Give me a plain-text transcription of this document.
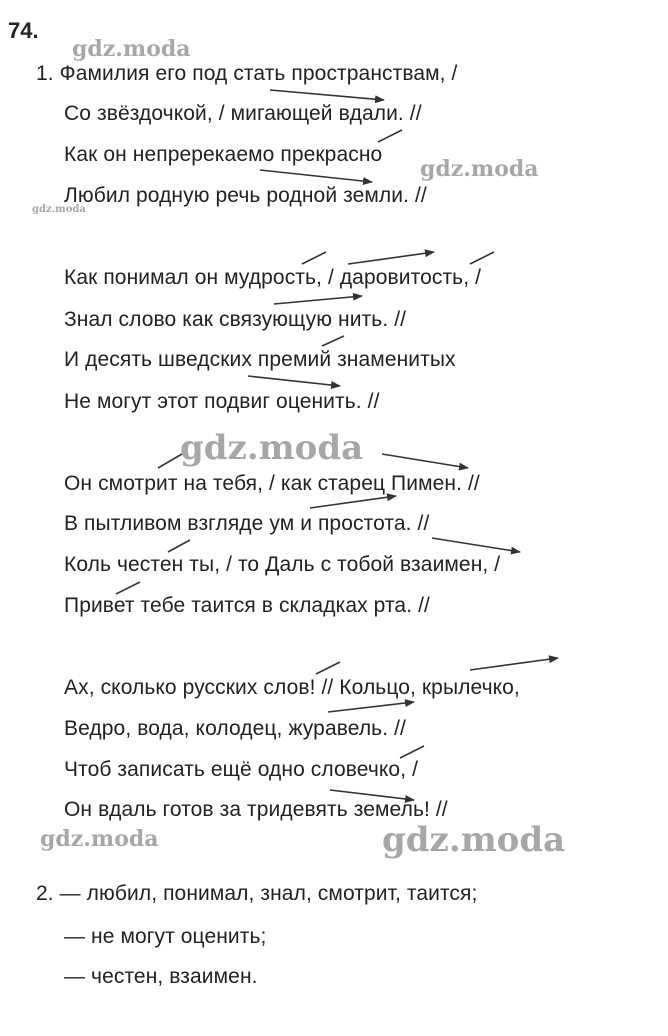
74.
gdz.moda
gdz.moda
gdz.moda
gdz.moda
gdz.moda	gdz.moda
1. Фамилия его под стать пространствам, /
Со звёздочкой, / мигающей вдали. //
Как он непререкаемо прекрасно
Любил родную речь родной земли. //
Как понимал он мудрость, / даровитость, /
Знал слово как связующую нить. //
И десять шведских премий знаменитых
Не могут этот подвиг оценить. //
Он смотрит на тебя, / как старец Пимен. //
В пытливом взгляде ум и простота. //
Коль честен ты, / то Даль с тобой взаимен, /
Привет тебе таится в складках рта. //
Ах, сколько русских слов! // Кольцо, крылечко,
Ведро, вода, колодец, журавель. //
Чтоб записать ещё одно словечко, /
Он вдаль готов за тридевять земель! //
2. — любил, понимал, знал, смотрит, таится;
— не могут оценить;
— честен, взаимен.
